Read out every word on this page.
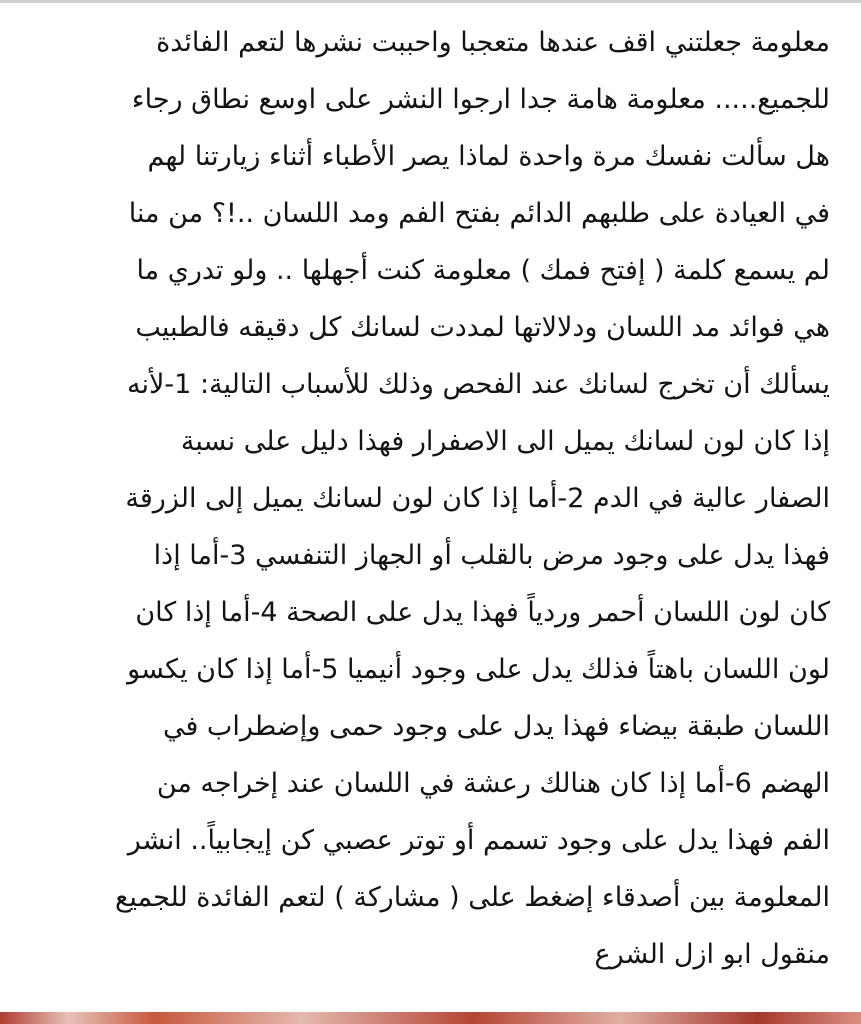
معلومة جعلتني اقف عندها متعجبا واحببت نشرها لتعم الفائدة
للجميع..... معلومة هامة جدا ارجوا النشر على اوسع نطاق رجاء
هل سألت نفسك مرة واحدة لماذا يصر الأطباء أثناء زيارتنا لهم
في العيادة على طلبهم الدائم بفتح الفم ومد اللسان ..!؟ من منا
لم يسمع كلمة ( إفتح فمك ) معلومة كنت أجهلها .. ولو تدري ما
هي فوائد مد اللسان ودلالاتها لمددت لسانك كل دقيقه فالطبيب
يسألك أن تخرج لسانك عند الفحص وذلك للأسباب التالية: 1-لأنه
إذا كان لون لسانك يميل الى الاصفرار فهذا دليل على نسبة
الصفار عالية في الدم 2-أما إذا كان لون لسانك يميل إلى الزرقة
فهذا يدل على وجود مرض بالقلب أو الجهاز التنفسي 3-أما إذا
كان لون اللسان أحمر وردياً فهذا يدل على الصحة 4-أما إذا كان
لون اللسان باهتاً فذلك يدل على وجود أنيميا 5-أما إذا كان يكسو
اللسان طبقة بيضاء فهذا يدل على وجود حمى وإضطراب في
الهضم 6-أما إذا كان هنالك رعشة في اللسان عند إخراجه من
الفم فهذا يدل على وجود تسمم أو توتر عصبي كن إيجابياً.. انشر
المعلومة بين أصدقاء إضغط على ( مشاركة ) لتعم الفائدة للجميع
منقول ابو ازل الشرع
